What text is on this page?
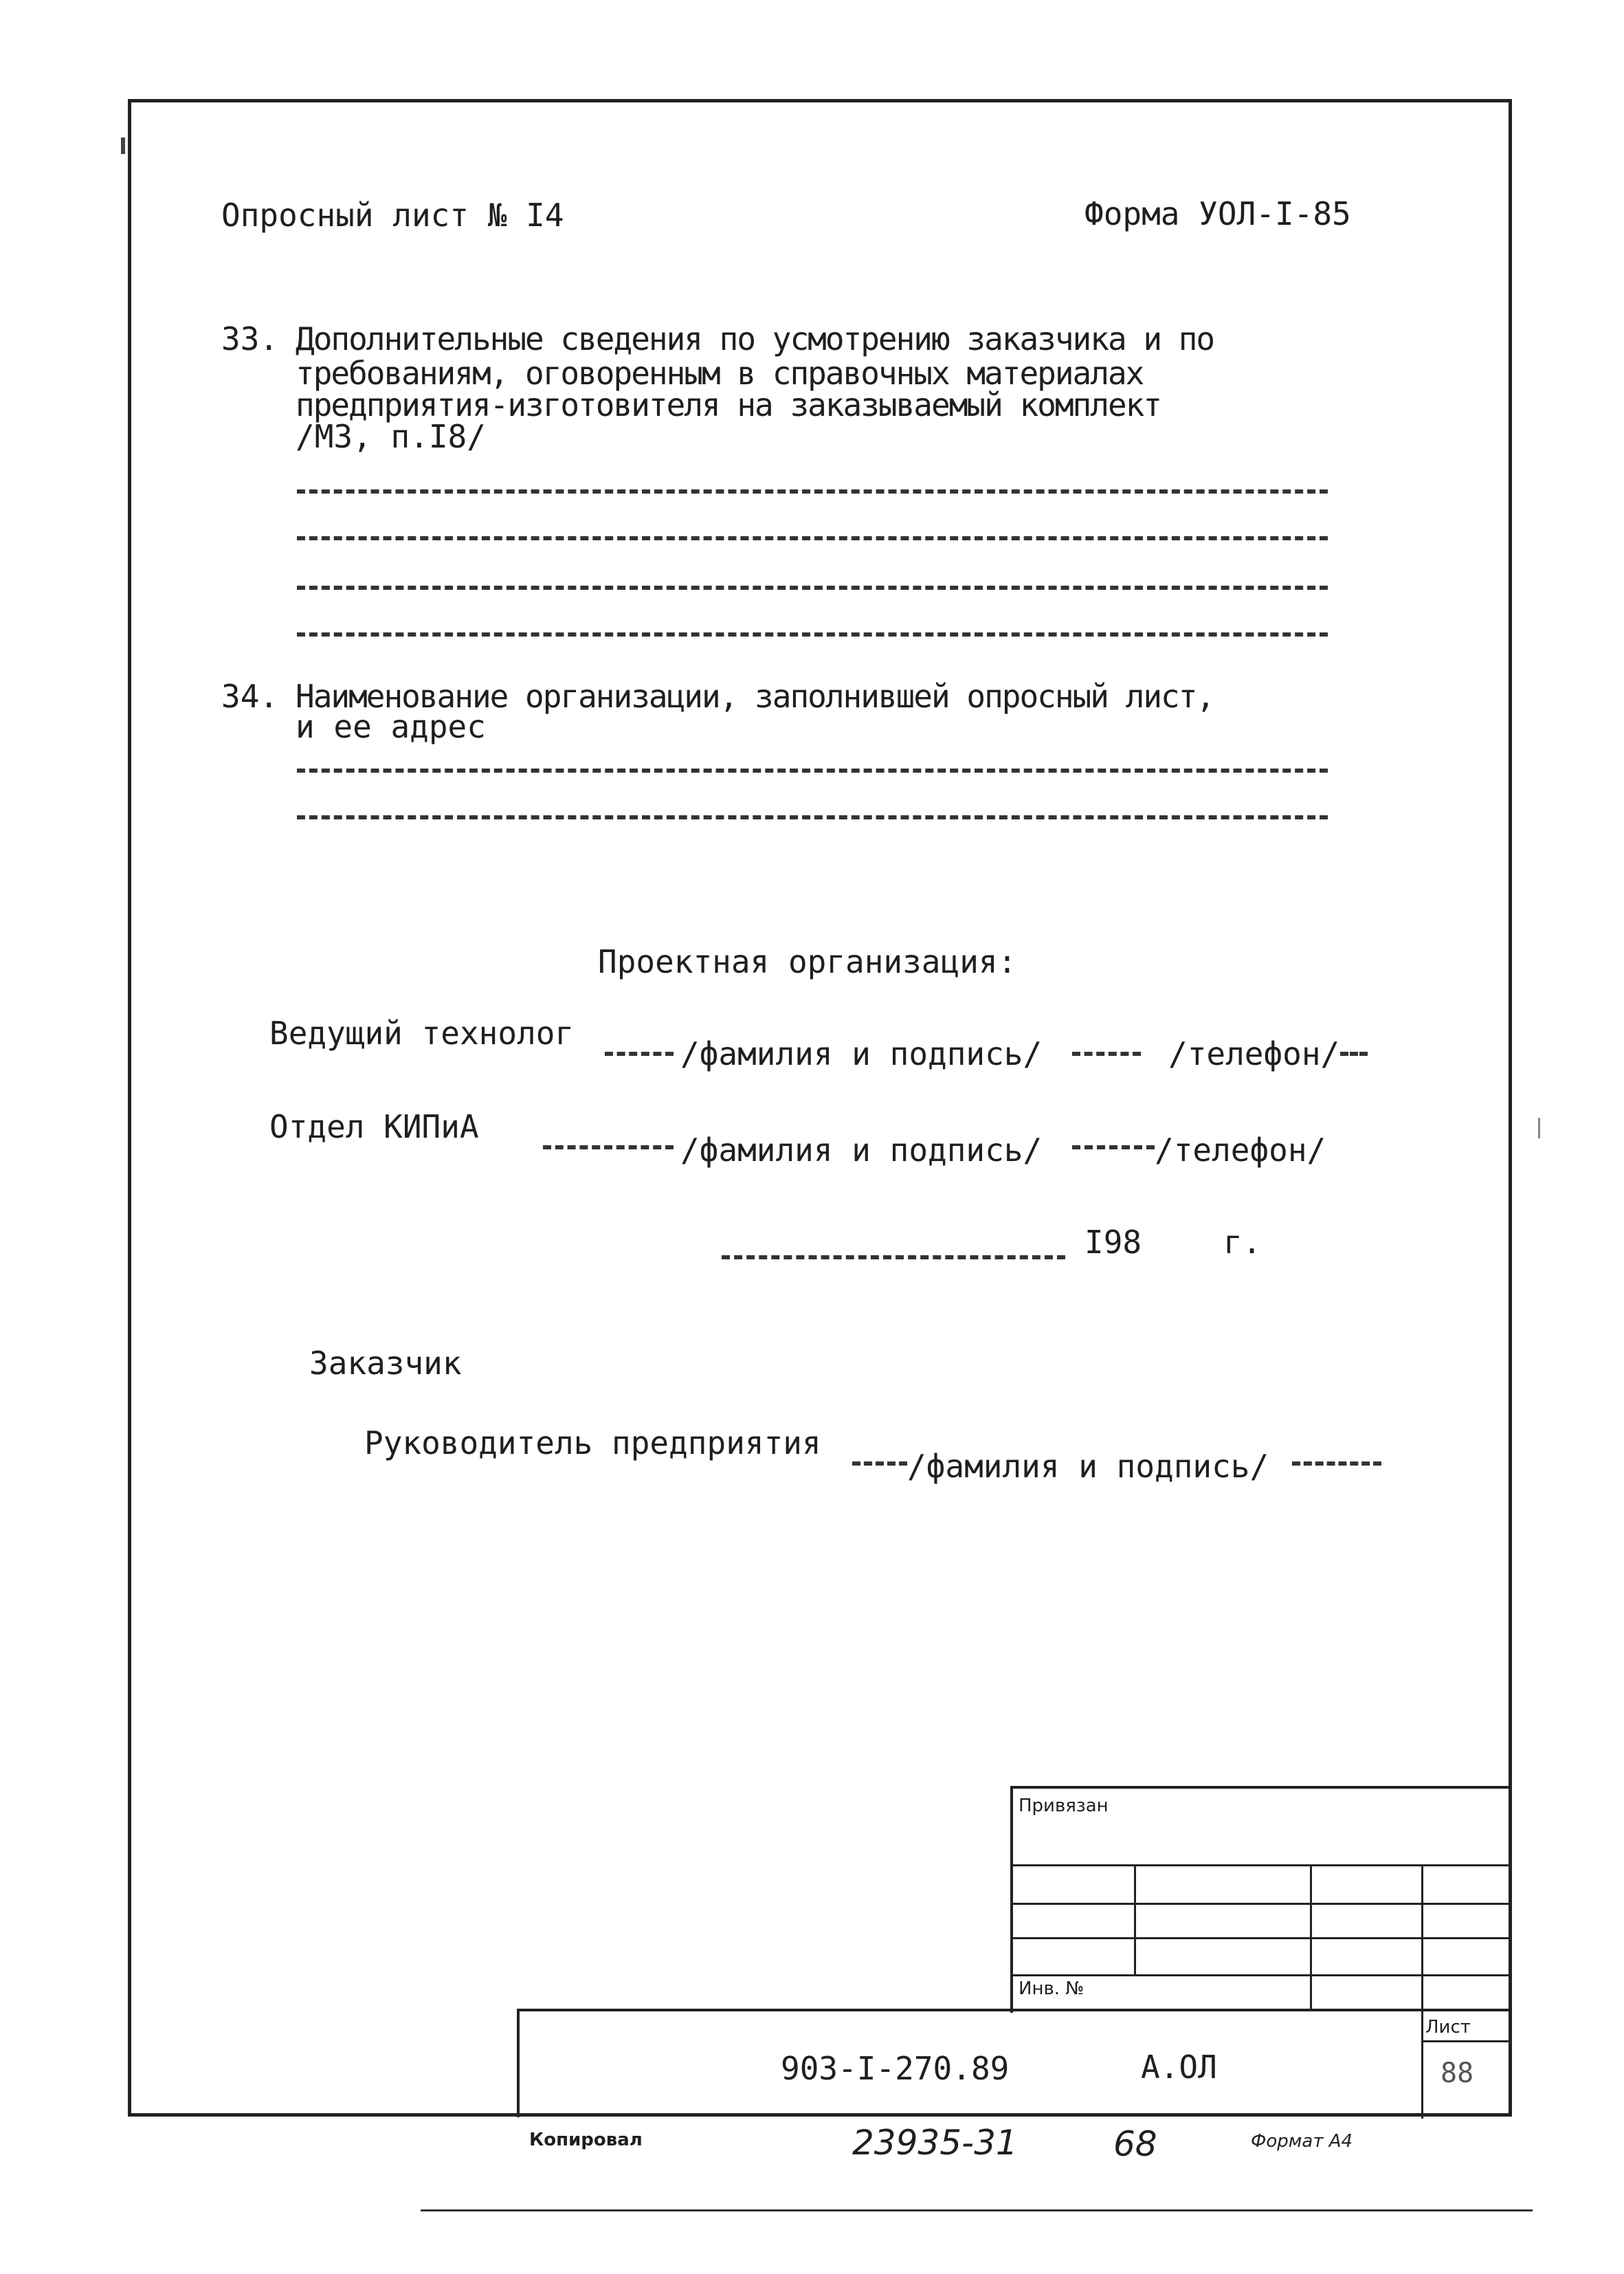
Опросный лист № I4	Форма УОЛ-I-85
33. Дополнительные сведения по усмотрению заказчика и по
требованиям, оговоренным в справочных материалах
предприятия-изготовителя на заказываемый комплект
/МЗ, п.I8/
34. Наименование организации, заполнившей опросный лист,
и ее адрес
Проектная организация:
Ведущий технолог
/фамилия и подпись/	/телефон/
Отдел КИПиА
/фамилия и подпись/	/телефон/
I98	г.
Заказчик
Руководитель предприятия
/фамилия и подпись/
Привязан
Инв. №
903-I-270.89	А.ОЛ
Лист
88
Копировал	23935-31	68	Формат А4
